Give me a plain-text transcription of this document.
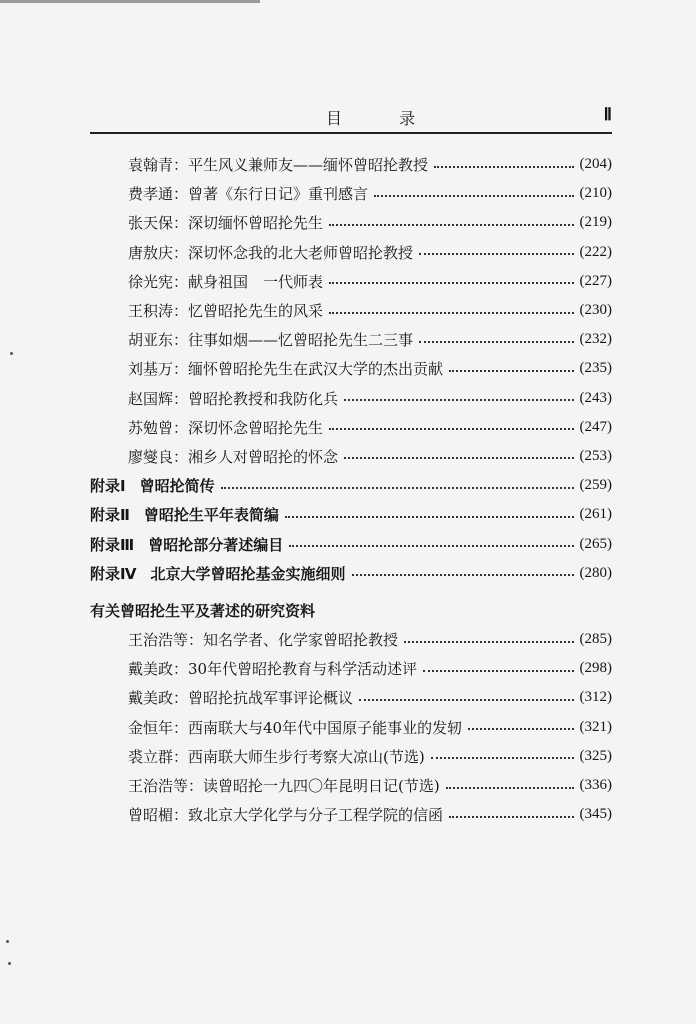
目 录	Ⅱ
袁翰青：平生风义兼师友——缅怀曾昭抡教授	(204)
费孝通：曾著《东行日记》重刊感言	(210)
张天保：深切缅怀曾昭抡先生	(219)
唐敖庆：深切怀念我的北大老师曾昭抡教授	(222)
徐光宪：献身祖国　一代师表	(227)
王积涛：忆曾昭抡先生的风采	(230)
胡亚东：往事如烟——忆曾昭抡先生二三事	(232)
刘基万：缅怀曾昭抡先生在武汉大学的杰出贡献	(235)
赵国辉：曾昭抡教授和我防化兵	(243)
苏勉曾：深切怀念曾昭抡先生	(247)
廖燮良：湘乡人对曾昭抡的怀念	(253)
附录Ⅰ 曾昭抡简传	(259)
附录Ⅱ 曾昭抡生平年表简编	(261)
附录Ⅲ 曾昭抡部分著述编目	(265)
附录Ⅳ 北京大学曾昭抡基金实施细则	(280)
有关曾昭抡生平及著述的研究资料
王治浩等：知名学者、化学家曾昭抡教授	(285)
戴美政：30年代曾昭抡教育与科学活动述评	(298)
戴美政：曾昭抡抗战军事评论概议	(312)
金恒年：西南联大与40年代中国原子能事业的发轫	(321)
裘立群：西南联大师生步行考察大凉山(节选)	(325)
王治浩等：读曾昭抡一九四〇年昆明日记(节选)	(336)
曾昭楣：致北京大学化学与分子工程学院的信函	(345)
